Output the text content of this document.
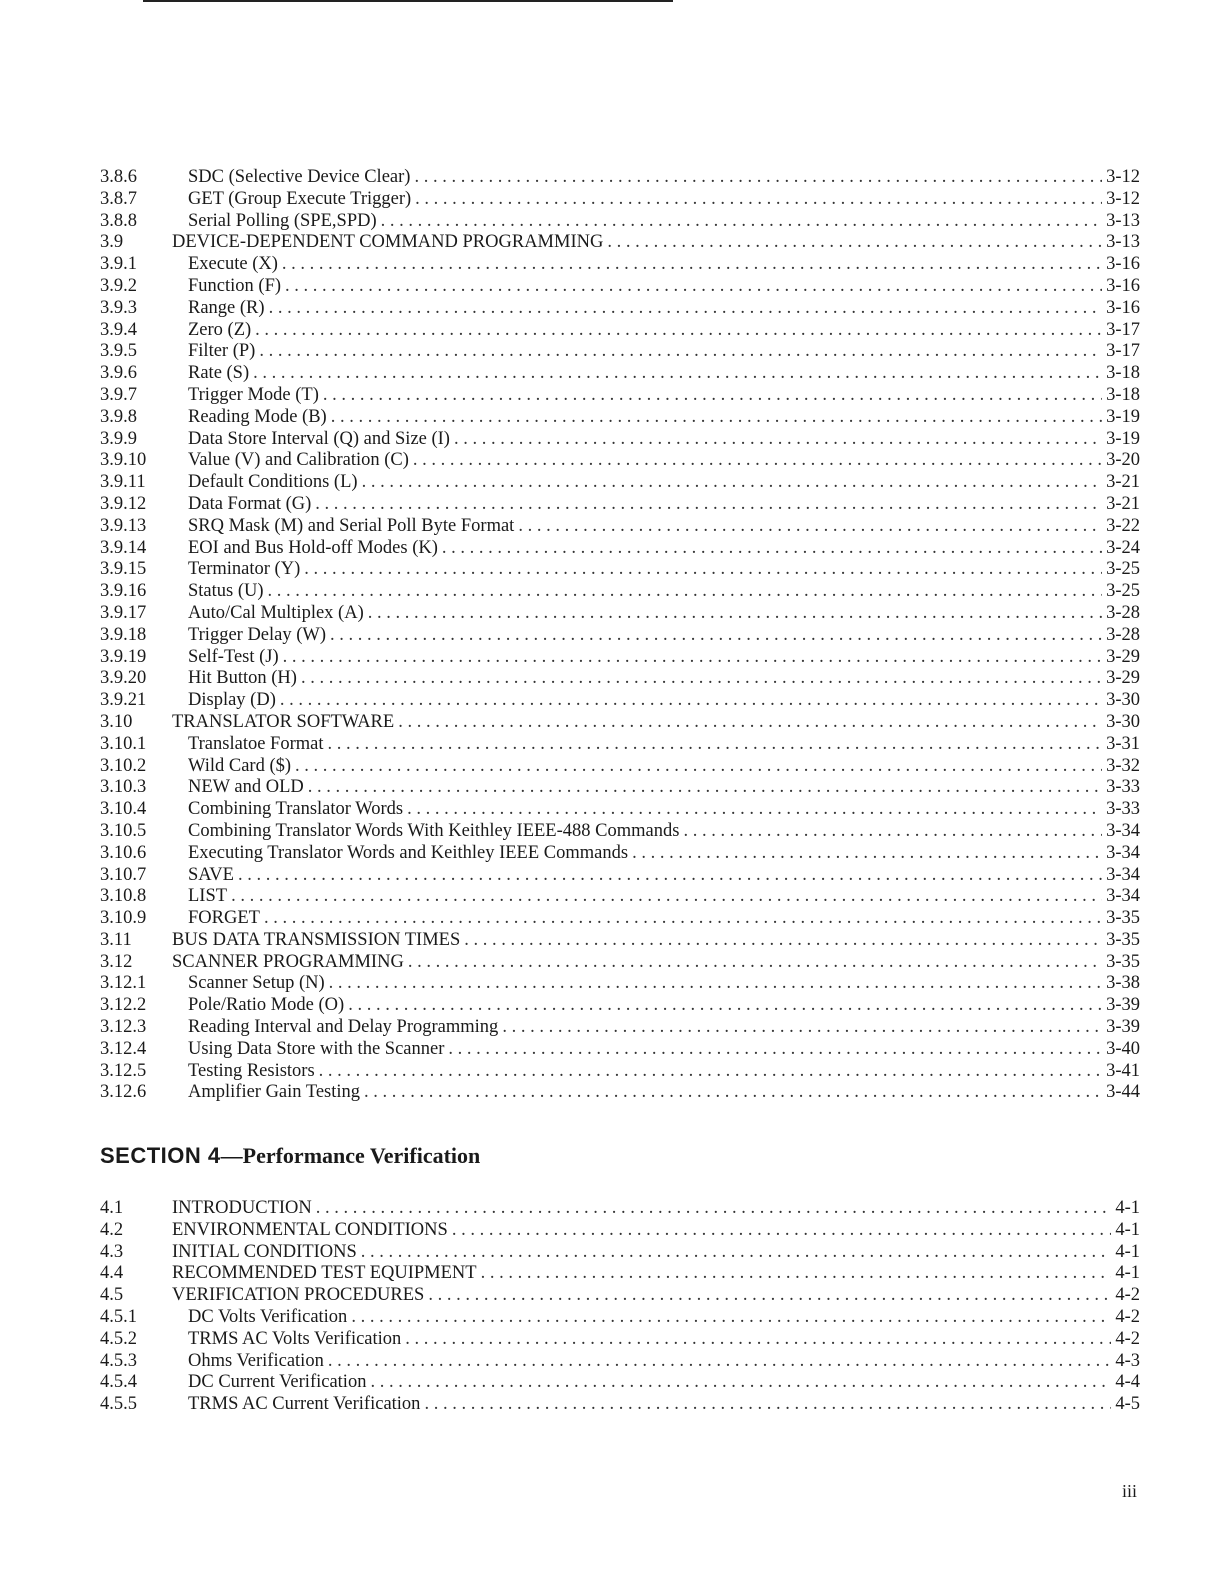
3.8.6	SDC (Selective Device Clear) . . .	3-12
3.8.7	GET (Group Execute Trigger) . . .	3-12
3.8.8	Serial Polling (SPE,SPD) . . .	3-13
3.9	DEVICE-DEPENDENT COMMAND PROGRAMMING . . .	3-13
3.9.1	Execute (X) . . .	3-16
3.9.2	Function (F) . . .	3-16
3.9.3	Range (R) . . .	3-16
3.9.4	Zero (Z) . . .	3-17
3.9.5	Filter (P) . . .	3-17
3.9.6	Rate (S) . . .	3-18
3.9.7	Trigger Mode (T) . . .	3-18
3.9.8	Reading Mode (B) . . .	3-19
3.9.9	Data Store Interval (Q) and Size (I) . . .	3-19
3.9.10	Value (V) and Calibration (C) . . .	3-20
3.9.11	Default Conditions (L) . . .	3-21
3.9.12	Data Format (G) . . .	3-21
3.9.13	SRQ Mask (M) and Serial Poll Byte Format . . .	3-22
3.9.14	EOI and Bus Hold-off Modes (K) . . .	3-24
3.9.15	Terminator (Y) . . .	3-25
3.9.16	Status (U) . . .	3-25
3.9.17	Auto/Cal Multiplex (A) . . .	3-28
3.9.18	Trigger Delay (W) . . .	3-28
3.9.19	Self-Test (J) . . .	3-29
3.9.20	Hit Button (H) . . .	3-29
3.9.21	Display (D) . . .	3-30
3.10	TRANSLATOR SOFTWARE . . .	3-30
3.10.1	Translatoe Format . . .	3-31
3.10.2	Wild Card ($) . . .	3-32
3.10.3	NEW and OLD . . .	3-33
3.10.4	Combining Translator Words . . .	3-33
3.10.5	Combining Translator Words With Keithley IEEE-488 Commands . . .	3-34
3.10.6	Executing Translator Words and Keithley IEEE Commands . . .	3-34
3.10.7	SAVE . . .	3-34
3.10.8	LIST . . .	3-34
3.10.9	FORGET . . .	3-35
3.11	BUS DATA TRANSMISSION TIMES . . .	3-35
3.12	SCANNER PROGRAMMING . . .	3-35
3.12.1	Scanner Setup (N) . . .	3-38
3.12.2	Pole/Ratio Mode (O) . . .	3-39
3.12.3	Reading Interval and Delay Programming . . .	3-39
3.12.4	Using Data Store with the Scanner . . .	3-40
3.12.5	Testing Resistors . . .	3-41
3.12.6	Amplifier Gain Testing . . .	3-44
SECTION 4—Performance Verification
4.1	INTRODUCTION . . .	4-1
4.2	ENVIRONMENTAL CONDITIONS . . .	4-1
4.3	INITIAL CONDITIONS . . .	4-1
4.4	RECOMMENDED TEST EQUIPMENT . . .	4-1
4.5	VERIFICATION PROCEDURES . . .	4-2
4.5.1	DC Volts Verification . . .	4-2
4.5.2	TRMS AC Volts Verification . . .	4-2
4.5.3	Ohms Verification . . .	4-3
4.5.4	DC Current Verification . . .	4-4
4.5.5	TRMS AC Current Verification . . .	4-5
iii
